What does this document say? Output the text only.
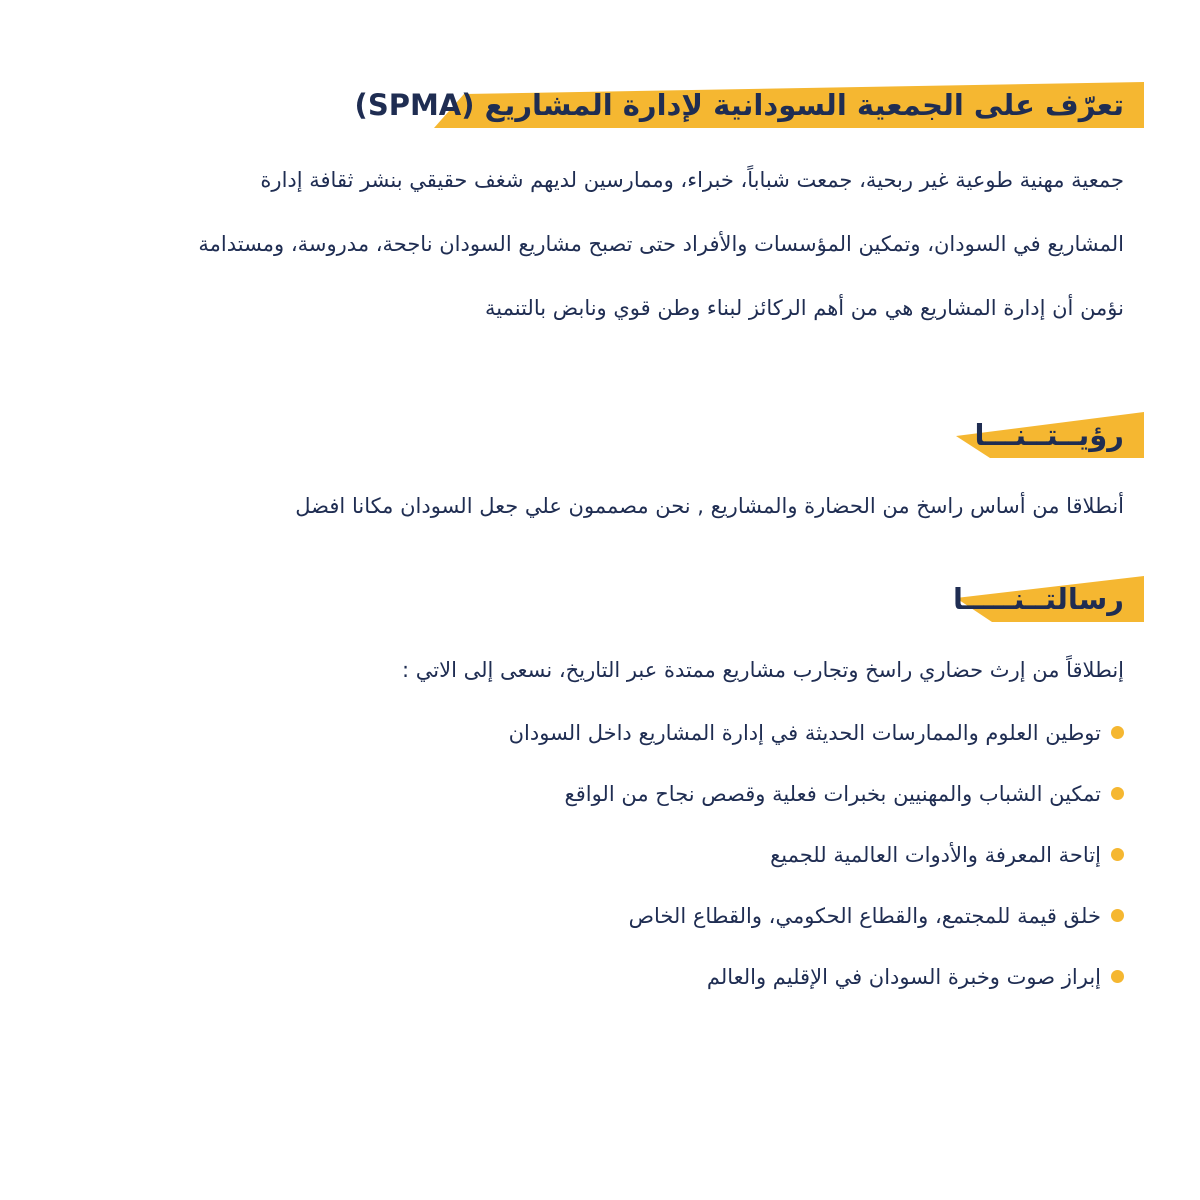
تعرّف على الجمعية السودانية لإدارة المشاريع (SPMA)
جمعية مهنية طوعية غير ربحية، جمعت شباباً، خبراء، وممارسين لديهم شغف حقيقي بنشر ثقافة إدارة
المشاريع في السودان، وتمكين المؤسسات والأفراد حتى تصبح مشاريع السودان ناجحة، مدروسة، ومستدامة
نؤمن أن إدارة المشاريع هي من أهم الركائز لبناء وطن قوي ونابض بالتنمية
رؤيــتــنـــا
أنطلاقا من أساس راسخ من الحضارة والمشاريع , نحن مصممون علي جعل السودان مكانا افضل
رسالتــنـــــا
إنطلاقاً من إرث حضاري راسخ وتجارب مشاريع ممتدة عبر التاريخ، نسعى إلى الاتي :
توطين العلوم والممارسات الحديثة في إدارة المشاريع داخل السودان
تمكين الشباب والمهنيين بخبرات فعلية وقصص نجاح من الواقع
إتاحة المعرفة والأدوات العالمية للجميع
خلق قيمة للمجتمع، والقطاع الحكومي، والقطاع الخاص
إبراز صوت وخبرة السودان في الإقليم والعالم
